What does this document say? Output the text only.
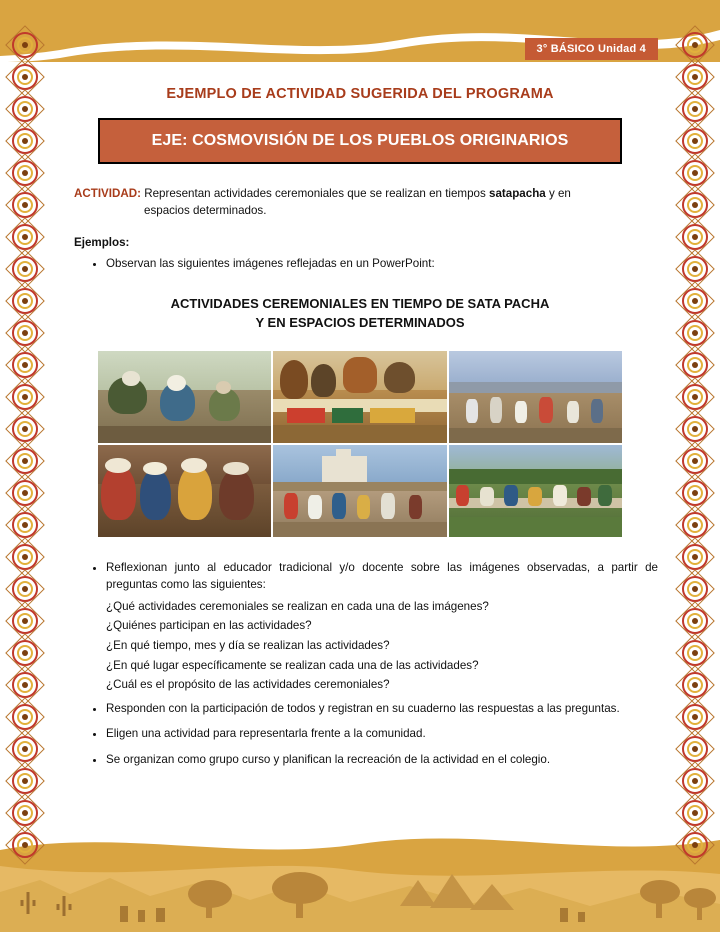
3° BÁSICO Unidad 4
EJEMPLO DE ACTIVIDAD SUGERIDA DEL PROGRAMA
EJE: COSMOVISIÓN DE LOS PUEBLOS ORIGINARIOS
ACTIVIDAD: Representan actividades ceremoniales que se realizan en tiempos satapacha y en
espacios determinados.
Ejemplos:
• Observan las siguientes imágenes reflejadas en un PowerPoint:
ACTIVIDADES CEREMONIALES EN TIEMPO DE SATA PACHA
Y EN ESPACIOS DETERMINADOS
• Reflexionan junto al educador tradicional y/o docente sobre las imágenes observadas, a partir de preguntas como las siguientes:
¿Qué actividades ceremoniales se realizan en cada una de las imágenes?
¿Quiénes participan en las actividades?
¿En qué tiempo, mes y día se realizan las actividades?
¿En qué lugar específicamente se realizan cada una de las actividades?
¿Cuál es el propósito de las actividades ceremoniales?
• Responden con la participación de todos y registran en su cuaderno las respuestas a las preguntas.
• Eligen una actividad para representarla frente a la comunidad.
• Se organizan como grupo curso y planifican la recreación de la actividad en el colegio.
